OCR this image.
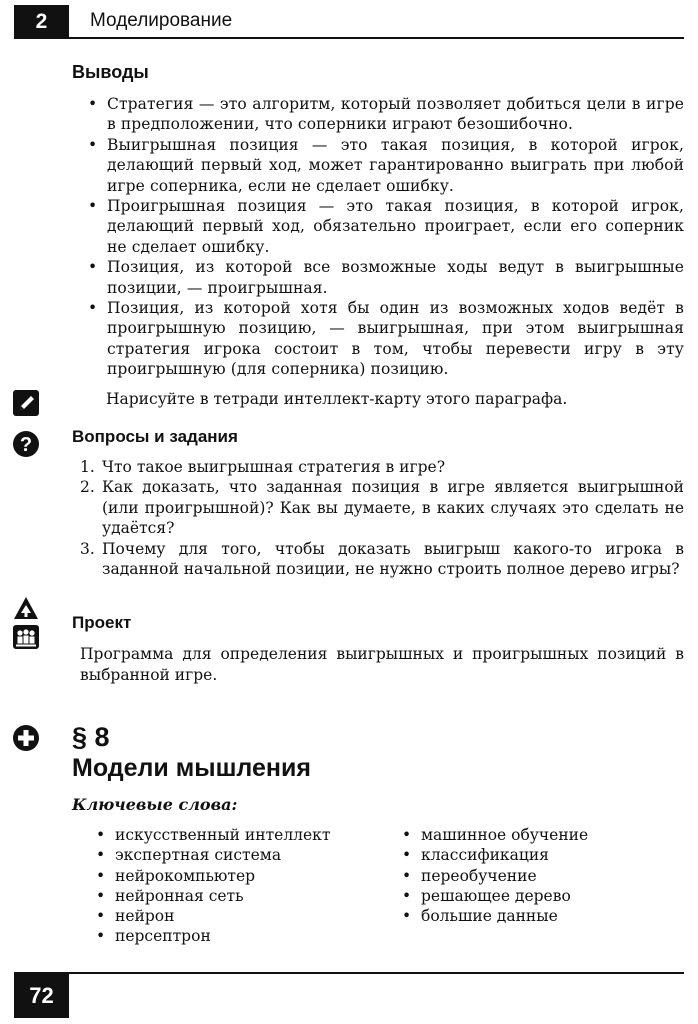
2	Моделирование
Выводы
• Стратегия — это алгоритм, который позволяет добиться цели в игре в предположении, что соперники играют безошибочно.
• Выигрышная позиция — это такая позиция, в которой игрок, делающий первый ход, может гарантированно выиграть при любой игре соперника, если не сделает ошибку.
• Проигрышная позиция — это такая позиция, в которой игрок, делающий первый ход, обязательно проиграет, если его соперник не сделает ошибку.
• Позиция, из которой все возможные ходы ведут в выигрышные позиции, — проигрышная.
• Позиция, из которой хотя бы один из возможных ходов ведёт в проигрышную позицию, — выигрышная, при этом выигрышная стратегия игрока состоит в том, чтобы перевести игру в эту проигрышную (для соперника) позицию.
Нарисуйте в тетради интеллект-карту этого параграфа.
? Вопросы и задания
1. Что такое выигрышная стратегия в игре?
2. Как доказать, что заданная позиция в игре является выигрышной (или проигрышной)? Как вы думаете, в каких случаях это сделать не удаётся?
3. Почему для того, чтобы доказать выигрыш какого-то игрока в заданной начальной позиции, не нужно строить полное дерево игры?
Проект
Программа для определения выигрышных и проигрышных позиций в выбранной игре.
§ 8
Модели мышления
Ключевые слова:
• искусственный интеллект
• экспертная система
• нейрокомпьютер
• нейронная сеть
• нейрон
• персептрон
• машинное обучение
• классификация
• переобучение
• решающее дерево
• большие данные
72
